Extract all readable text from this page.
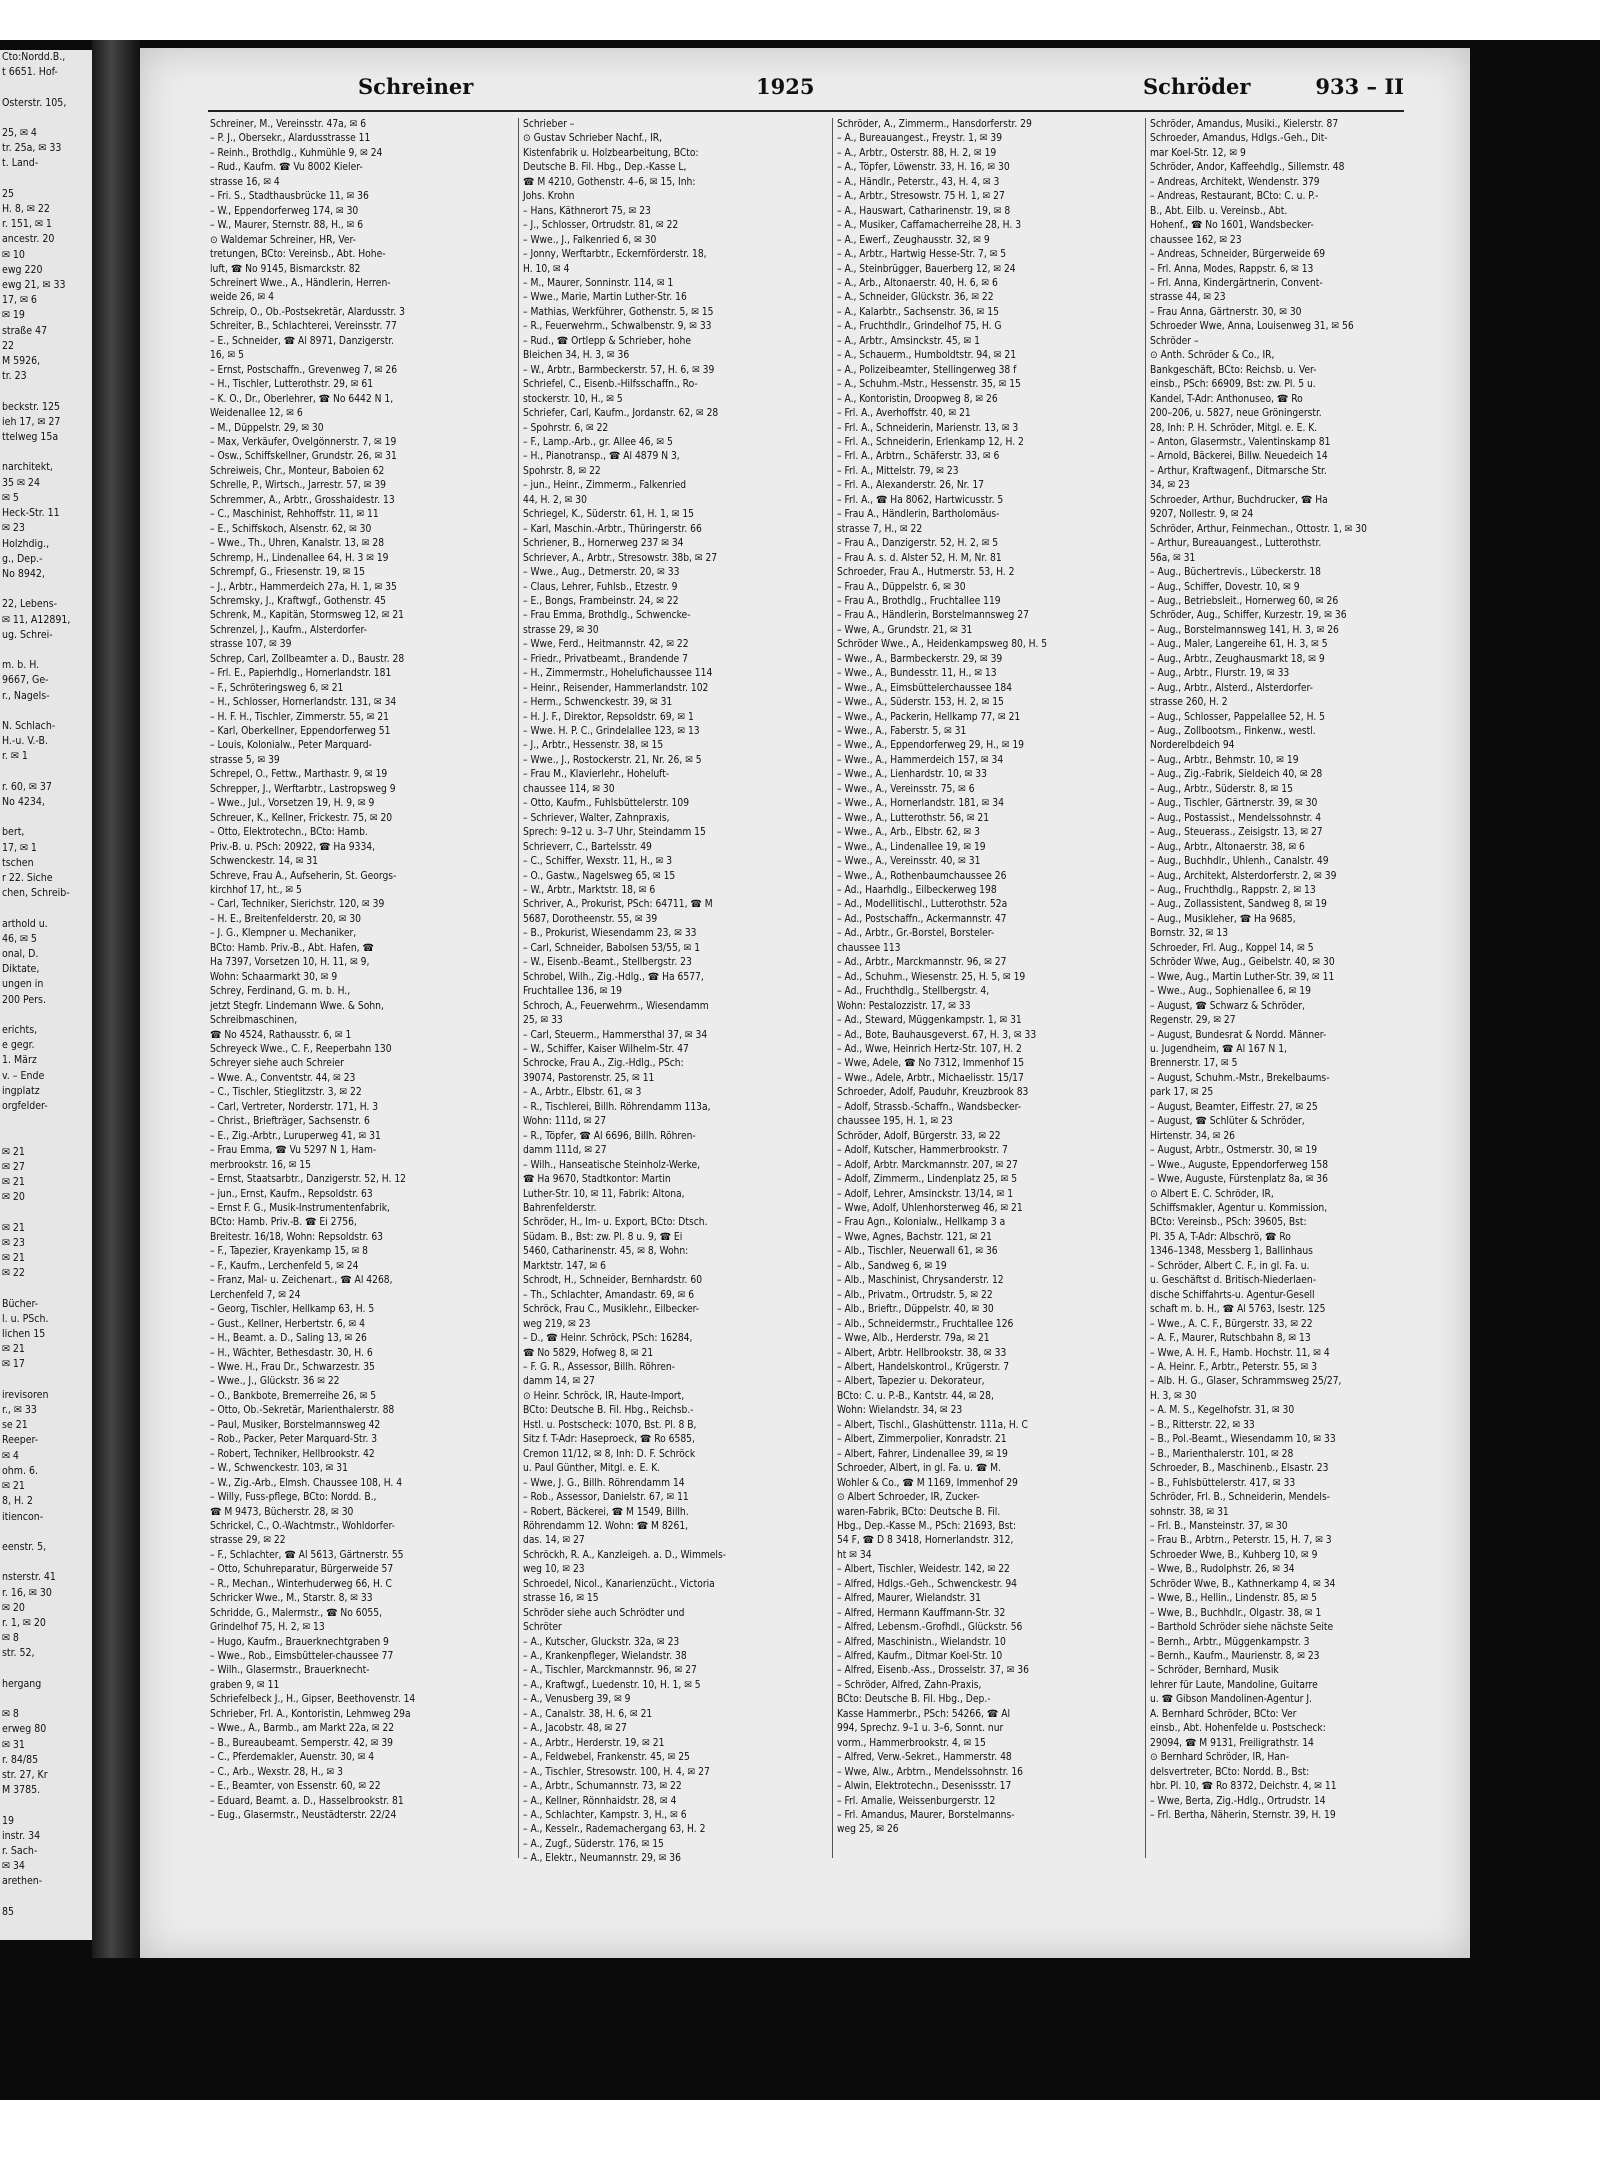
Cto:Nordd.B.,
t 6651. Hof-

Osterstr. 105,

25, ✉ 4
tr. 25a, ✉ 33
t. Land-

25
H. 8, ✉ 22
r. 151, ✉ 1
ancestr. 20
✉ 10
ewg 220
ewg 21, ✉ 33
17, ✉ 6
✉ 19
straße 47
22
M 5926,
tr. 23

beckstr. 125
ieh 17, ✉ 27
ttelweg 15a

narchitekt,
35 ✉ 24
✉ 5
Heck-Str. 11
✉ 23
Holzhdig.,
g., Dep.-
No 8942,

22, Lebens-
✉ 11, A12891,
ug. Schrei-

m. b. H.
9667, Ge-
r., Nagels-

N. Schlach-
H.-u. V.-B.
r. ✉ 1

r. 60, ✉ 37
No 4234,

bert,
17, ✉ 1
tschen
r 22. Siche
chen, Schreib-

arthold u.
46, ✉ 5
onal, D.
Diktate,
ungen in
200 Pers.

erichts,
e gegr.
1. März
v. – Ende
ingplatz
orgfelder-

✉ 21
✉ 27
✉ 21
✉ 20

✉ 21
✉ 23
✉ 21
✉ 22

Bücher-
l. u. PSch.
lichen 15
✉ 21
✉ 17

irevisoren
r., ✉ 33
se 21
Reeper-
✉ 4
ohm. 6.
✉ 21
8, H. 2
itiencon-

eenstr. 5,

nsterstr. 41
r. 16, ✉ 30
✉ 20
r. 1, ✉ 20
✉ 8
str. 52,

hergang

✉ 8
erweg 80
✉ 31
r. 84/85
str. 27, Kr
M 3785.

19
instr. 34
r. Sach-
✉ 34
arethen-

85
Schreiner	1925	Schröder	933 – II
Schreiner, M., Vereinsstr. 47a, ✉ 6
– P. J., Obersekr., Alardusstrasse 11
– Reinh., Brothdlg., Kuhmühle 9, ✉ 24
– Rud., Kaufm. ☎ Vu 8002 Kieler-
strasse 16, ✉ 4
– Fri. S., Stadthausbrücke 11, ✉ 36
– W., Eppendorferweg 174, ✉ 30
– W., Maurer, Sternstr. 88, H., ✉ 6
⊙ Waldemar Schreiner, HR, Ver-
tretungen, BCto: Vereinsb., Abt. Hohe-
luft, ☎ No 9145, Bismarckstr. 82
Schreinert Wwe., A., Händlerin, Herren-
weide 26, ✉ 4
Schreip, O., Ob.-Postsekretär, Alardusstr. 3
Schreiter, B., Schlachterei, Vereinsstr. 77
– E., Schneider, ☎ Al 8971, Danzigerstr.
16, ✉ 5
– Ernst, Postschaffn., Grevenweg 7, ✉ 26
– H., Tischler, Lutterothstr. 29, ✉ 61
– K. O., Dr., Oberlehrer, ☎ No 6442 N 1,
Weidenallee 12, ✉ 6
– M., Düppelstr. 29, ✉ 30
– Max, Verkäufer, Ovelgönnerstr. 7, ✉ 19
– Osw., Schiffskellner, Grundstr. 26, ✉ 31
Schreiweis, Chr., Monteur, Baboien 62
Schrelle, P., Wirtsch., Jarrestr. 57, ✉ 39
Schremmer, A., Arbtr., Grosshaidestr. 13
– C., Maschinist, Rehhoffstr. 11, ✉ 11
– E., Schiffskoch, Alsenstr. 62, ✉ 30
– Wwe., Th., Uhren, Kanalstr. 13, ✉ 28
Schremp, H., Lindenallee 64, H. 3 ✉ 19
Schrempf, G., Friesenstr. 19, ✉ 15
– J., Arbtr., Hammerdeich 27a, H. 1, ✉ 35
Schremsky, J., Kraftwgf., Gothenstr. 45
Schrenk, M., Kapitän, Stormsweg 12, ✉ 21
Schrenzel, J., Kaufm., Alsterdorfer-
strasse 107, ✉ 39
Schrep, Carl, Zollbeamter a. D., Baustr. 28
– Frl. E., Papierhdlg., Hornerlandstr. 181
– F., Schröteringsweg 6, ✉ 21
– H., Schlosser, Hornerlandstr. 131, ✉ 34
– H. F. H., Tischler, Zimmerstr. 55, ✉ 21
– Karl, Oberkellner, Eppendorferweg 51
– Louis, Kolonialw., Peter Marquard-
strasse 5, ✉ 39
Schrepel, O., Fettw., Marthastr. 9, ✉ 19
Schrepper, J., Werftarbtr., Lastropsweg 9
– Wwe., Jul., Vorsetzen 19, H. 9, ✉ 9
Schreuer, K., Kellner, Frickestr. 75, ✉ 20
– Otto, Elektrotechn., BCto: Hamb.
Priv.-B. u. PSch: 20922, ☎ Ha 9334,
Schwenckestr. 14, ✉ 31
Schreve, Frau A., Aufseherin, St. Georgs-
kirchhof 17, ht., ✉ 5
– Carl, Techniker, Sierichstr. 120, ✉ 39
– H. E., Breitenfelderstr. 20, ✉ 30
– J. G., Klempner u. Mechaniker,
BCto: Hamb. Priv.-B., Abt. Hafen, ☎
Ha 7397, Vorsetzen 10, H. 11, ✉ 9,
Wohn: Schaarmarkt 30, ✉ 9
Schrey, Ferdinand, G. m. b. H.,
jetzt Stegfr. Lindemann Wwe. & Sohn,
Schreibmaschinen,
☎ No 4524, Rathausstr. 6, ✉ 1
Schreyeck Wwe., C. F., Reeperbahn 130
Schreyer siehe auch Schreier
– Wwe. A., Conventstr. 44, ✉ 23
– C., Tischler, Stieglitzstr. 3, ✉ 22
– Carl, Vertreter, Norderstr. 171, H. 3
– Christ., Briefträger, Sachsenstr. 6
– E., Zig.-Arbtr., Luruperweg 41, ✉ 31
– Frau Emma, ☎ Vu 5297 N 1, Ham-
merbrookstr. 16, ✉ 15
– Ernst, Staatsarbtr., Danzigerstr. 52, H. 12
– jun., Ernst, Kaufm., Repsoldstr. 63
– Ernst F. G., Musik-Instrumentenfabrik,
BCto: Hamb. Priv.-B. ☎ Ei 2756,
Breitestr. 16/18, Wohn: Repsoldstr. 63
– F., Tapezier, Krayenkamp 15, ✉ 8
– F., Kaufm., Lerchenfeld 5, ✉ 24
– Franz, Mal- u. Zeichenart., ☎ Al 4268,
Lerchenfeld 7, ✉ 24
– Georg, Tischler, Hellkamp 63, H. 5
– Gust., Kellner, Herbertstr. 6, ✉ 4
– H., Beamt. a. D., Saling 13, ✉ 26
– H., Wächter, Bethesdastr. 30, H. 6
– Wwe. H., Frau Dr., Schwarzestr. 35
– Wwe., J., Glückstr. 36 ✉ 22
– O., Bankbote, Bremerreihe 26, ✉ 5
– Otto, Ob.-Sekretär, Marienthalerstr. 88
– Paul, Musiker, Borstelmannsweg 42
– Rob., Packer, Peter Marquard-Str. 3
– Robert, Techniker, Hellbrookstr. 42
– W., Schwenckestr. 103, ✉ 31
– W., Zig.-Arb., Elmsh. Chaussee 108, H. 4
– Willy, Fuss-pflege, BCto: Nordd. B.,
☎ M 9473, Bücherstr. 28, ✉ 30
Schrickel, C., O.-Wachtmstr., Wohldorfer-
strasse 29, ✉ 22
– F., Schlachter, ☎ Al 5613, Gärtnerstr. 55
– Otto, Schuhreparatur, Bürgerweide 57
– R., Mechan., Winterhuderweg 66, H. C
Schricker Wwe., M., Starstr. 8, ✉ 33
Schridde, G., Malermstr., ☎ No 6055,
Grindelhof 75, H. 2, ✉ 13
– Hugo, Kaufm., Brauerknechtgraben 9
– Wwe., Rob., Eimsbütteler-chaussee 77
– Wilh., Glasermstr., Brauerknecht-
graben 9, ✉ 11
Schriefelbeck J., H., Gipser, Beethovenstr. 14
Schrieber, Frl. A., Kontoristin, Lehmweg 29a
– Wwe., A., Barmb., am Markt 22a, ✉ 22
– B., Bureaubeamt. Semperstr. 42, ✉ 39
– C., Pferdemakler, Auenstr. 30, ✉ 4
– C., Arb., Wexstr. 28, H., ✉ 3
– E., Beamter, von Essenstr. 60, ✉ 22
– Eduard, Beamt. a. D., Hasselbrookstr. 81
– Eug., Glasermstr., Neustädterstr. 22/24
Schrieber –
⊙ Gustav Schrieber Nachf., IR,
Kistenfabrik u. Holzbearbeitung, BCto:
Deutsche B. Fil. Hbg., Dep.-Kasse L,
☎ M 4210, Gothenstr. 4–6, ✉ 15, Inh:
Johs. Krohn
– Hans, Käthnerort 75, ✉ 23
– J., Schlosser, Ortrudstr. 81, ✉ 22
– Wwe., J., Falkenried 6, ✉ 30
– Jonny, Werftarbtr., Eckernförderstr. 18,
H. 10, ✉ 4
– M., Maurer, Sonninstr. 114, ✉ 1
– Wwe., Marie, Martin Luther-Str. 16
– Mathias, Werkführer, Gothenstr. 5, ✉ 15
– R., Feuerwehrm., Schwalbenstr. 9, ✉ 33
– Rud., ☎ Ortlepp & Schrieber, hohe
Bleichen 34, H. 3, ✉ 36
– W., Arbtr., Barmbeckerstr. 57, H. 6, ✉ 39
Schriefel, C., Eisenb.-Hilfsschaffn., Ro-
stockerstr. 10, H., ✉ 5
Schriefer, Carl, Kaufm., Jordanstr. 62, ✉ 28
– Spohrstr. 6, ✉ 22
– F., Lamp.-Arb., gr. Allee 46, ✉ 5
– H., Pianotransp., ☎ Al 4879 N 3,
Spohrstr. 8, ✉ 22
– jun., Heinr., Zimmerm., Falkenried
44, H. 2, ✉ 30
Schriegel, K., Süderstr. 61, H. 1, ✉ 15
– Karl, Maschin.-Arbtr., Thüringerstr. 66
Schriener, B., Hornerweg 237 ✉ 34
Schriever, A., Arbtr., Stresowstr. 38b, ✉ 27
– Wwe., Aug., Detmerstr. 20, ✉ 33
– Claus, Lehrer, Fuhlsb., Etzestr. 9
– E., Bongs, Frambeinstr. 24, ✉ 22
– Frau Emma, Brothdlg., Schwencke-
strasse 29, ✉ 30
– Wwe, Ferd., Heitmannstr. 42, ✉ 22
– Friedr., Privatbeamt., Brandende 7
– H., Zimmermstr., Hohelufichaussee 114
– Heinr., Reisender, Hammerlandstr. 102
– Herm., Schwenckestr. 39, ✉ 31
– H. J. F., Direktor, Repsoldstr. 69, ✉ 1
– Wwe. H. P. C., Grindelallee 123, ✉ 13
– J., Arbtr., Hessenstr. 38, ✉ 15
– Wwe., J., Rostockerstr. 21, Nr. 26, ✉ 5
– Frau M., Klavierlehr., Hoheluft-
chaussee 114, ✉ 30
– Otto, Kaufm., Fuhlsbüttelerstr. 109
– Schriever, Walter, Zahnpraxis,
Sprech: 9–12 u. 3–7 Uhr, Steindamm 15
Schrieverr, C., Bartelsstr. 49
– C., Schiffer, Wexstr. 11, H., ✉ 3
– O., Gastw., Nagelsweg 65, ✉ 15
– W., Arbtr., Marktstr. 18, ✉ 6
Schriver, A., Prokurist, PSch: 64711, ☎ M
5687, Dorotheenstr. 55, ✉ 39
– B., Prokurist, Wiesendamm 23, ✉ 33
– Carl, Schneider, Babolsen 53/55, ✉ 1
– W., Eisenb.-Beamt., Stellbergstr. 23
Schrobel, Wilh., Zig.-Hdlg., ☎ Ha 6577,
Fruchtallee 136, ✉ 19
Schroch, A., Feuerwehrm., Wiesendamm
25, ✉ 33
– Carl, Steuerm., Hammersthal 37, ✉ 34
– W., Schiffer, Kaiser Wilhelm-Str. 47
Schrocke, Frau A., Zig.-Hdlg., PSch:
39074, Pastorenstr. 25, ✉ 11
– A., Arbtr., Elbstr. 61, ✉ 3
– R., Tischlerei, Billh. Röhrendamm 113a,
Wohn: 111d, ✉ 27
– R., Töpfer, ☎ Al 6696, Billh. Röhren-
damm 111d, ✉ 27
– Wilh., Hanseatische Steinholz-Werke,
☎ Ha 9670, Stadtkontor: Martin
Luther-Str. 10, ✉ 11, Fabrik: Altona,
Bahrenfelderstr.
Schröder, H., Im- u. Export, BCto: Dtsch.
Südam. B., Bst: zw. Pl. 8 u. 9, ☎ Ei
5460, Catharinenstr. 45, ✉ 8, Wohn:
Marktstr. 147, ✉ 6
Schrodt, H., Schneider, Bernhardstr. 60
– Th., Schlachter, Amandastr. 69, ✉ 6
Schröck, Frau C., Musiklehr., Eilbecker-
weg 219, ✉ 23
– D., ☎ Heinr. Schröck, PSch: 16284,
☎ No 5829, Hofweg 8, ✉ 21
– F. G. R., Assessor, Billh. Röhren-
damm 14, ✉ 27
⊙ Heinr. Schröck, IR, Haute-Import,
BCto: Deutsche B. Fil. Hbg., Reichsb.-
Hstl. u. Postscheck: 1070, Bst. Pl. 8 B,
Sitz f. T-Adr: Haseproeck, ☎ Ro 6585,
Cremon 11/12, ✉ 8, Inh: D. F. Schröck
u. Paul Günther, Mitgl. e. E. K.
– Wwe, J. G., Billh. Röhrendamm 14
– Rob., Assessor, Danielstr. 67, ✉ 11
– Robert, Bäckerei, ☎ M 1549, Billh.
Röhrendamm 12. Wohn: ☎ M 8261,
das. 14, ✉ 27
Schröckh, R. A., Kanzleigeh. a. D., Wimmels-
weg 10, ✉ 23
Schroedel, Nicol., Kanarienzücht., Victoria
strasse 16, ✉ 15
Schröder siehe auch Schrödter und
Schröter
– A., Kutscher, Gluckstr. 32a, ✉ 23
– A., Krankenpfleger, Wielandstr. 38
– A., Tischler, Marckmannstr. 96, ✉ 27
– A., Kraftwgf., Luedenstr. 10, H. 1, ✉ 5
– A., Venusberg 39, ✉ 9
– A., Canalstr. 38, H. 6, ✉ 21
– A., Jacobstr. 48, ✉ 27
– A., Arbtr., Herderstr. 19, ✉ 21
– A., Feldwebel, Frankenstr. 45, ✉ 25
– A., Tischler, Stresowstr. 100, H. 4, ✉ 27
– A., Arbtr., Schumannstr. 73, ✉ 22
– A., Kellner, Rönnhaidstr. 28, ✉ 4
– A., Schlachter, Kampstr. 3, H., ✉ 6
– A., Kesselr., Rademachergang 63, H. 2
– A., Zugf., Süderstr. 176, ✉ 15
– A., Elektr., Neumannstr. 29, ✉ 36
Schröder, A., Zimmerm., Hansdorferstr. 29
– A., Bureauangest., Freystr. 1, ✉ 39
– A., Arbtr., Osterstr. 88, H. 2, ✉ 19
– A., Töpfer, Löwenstr. 33, H. 16, ✉ 30
– A., Händlr., Peterstr., 43, H. 4, ✉ 3
– A., Arbtr., Stresowstr. 75 H. 1, ✉ 27
– A., Hauswart, Catharinenstr. 19, ✉ 8
– A., Musiker, Caffamacherreihe 28, H. 3
– A., Ewerf., Zeughausstr. 32, ✉ 9
– A., Arbtr., Hartwig Hesse-Str. 7, ✉ 5
– A., Steinbrügger, Bauerberg 12, ✉ 24
– A., Arb., Altonaerstr. 40, H. 6, ✉ 6
– A., Schneider, Glückstr. 36, ✉ 22
– A., Kalarbtr., Sachsenstr. 36, ✉ 15
– A., Fruchthdlr., Grindelhof 75, H. G
– A., Arbtr., Amsinckstr. 45, ✉ 1
– A., Schauerm., Humboldtstr. 94, ✉ 21
– A., Polizeibeamter, Stellingerweg 38 f
– A., Schuhm.-Mstr., Hessenstr. 35, ✉ 15
– A., Kontoristin, Droopweg 8, ✉ 26
– Frl. A., Averhoffstr. 40, ✉ 21
– Frl. A., Schneiderin, Marienstr. 13, ✉ 3
– Frl. A., Schneiderin, Erlenkamp 12, H. 2
– Frl. A., Arbtrn., Schäferstr. 33, ✉ 6
– Frl. A., Mittelstr. 79, ✉ 23
– Frl. A., Alexanderstr. 26, Nr. 17
– Frl. A., ☎ Ha 8062, Hartwicusstr. 5
– Frau A., Händlerin, Bartholomäus-
strasse 7, H., ✉ 22
– Frau A., Danzigerstr. 52, H. 2, ✉ 5
– Frau A. s. d. Alster 52, H. M, Nr. 81
Schroeder, Frau A., Hutmerstr. 53, H. 2
– Frau A., Düppelstr. 6, ✉ 30
– Frau A., Brothdlg., Fruchtallee 119
– Frau A., Händlerin, Borstelmannsweg 27
– Wwe, A., Grundstr. 21, ✉ 31
Schröder Wwe., A., Heidenkampsweg 80, H. 5
– Wwe., A., Barmbeckerstr. 29, ✉ 39
– Wwe., A., Bundesstr. 11, H., ✉ 13
– Wwe., A., Eimsbüttelerchaussee 184
– Wwe., A., Süderstr. 153, H. 2, ✉ 15
– Wwe., A., Packerin, Hellkamp 77, ✉ 21
– Wwe., A., Faberstr. 5, ✉ 31
– Wwe., A., Eppendorferweg 29, H., ✉ 19
– Wwe., A., Hammerdeich 157, ✉ 34
– Wwe., A., Lienhardstr. 10, ✉ 33
– Wwe., A., Vereinsstr. 75, ✉ 6
– Wwe., A., Hornerlandstr. 181, ✉ 34
– Wwe., A., Lutterothstr. 56, ✉ 21
– Wwe., A., Arb., Elbstr. 62, ✉ 3
– Wwe., A., Lindenallee 19, ✉ 19
– Wwe., A., Vereinsstr. 40, ✉ 31
– Wwe., A., Rothenbaumchaussee 26
– Ad., Haarhdlg., Eilbeckerweg 198
– Ad., Modellitischl., Lutterothstr. 52a
– Ad., Postschaffn., Ackermannstr. 47
– Ad., Arbtr., Gr.-Borstel, Borsteler-
chaussee 113
– Ad., Arbtr., Marckmannstr. 96, ✉ 27
– Ad., Schuhm., Wiesenstr. 25, H. 5, ✉ 19
– Ad., Fruchthdlg., Stellbergstr. 4,
Wohn: Pestalozzistr. 17, ✉ 33
– Ad., Steward, Müggenkampstr. 1, ✉ 31
– Ad., Bote, Bauhausgeverst. 67, H. 3, ✉ 33
– Ad., Wwe, Heinrich Hertz-Str. 107, H. 2
– Wwe, Adele, ☎ No 7312, Immenhof 15
– Wwe., Adele, Arbtr., Michaelisstr. 15/17
Schroeder, Adolf, Pauduhr, Kreuzbrook 83
– Adolf, Strassb.-Schaffn., Wandsbecker-
chaussee 195, H. 1, ✉ 23
Schröder, Adolf, Bürgerstr. 33, ✉ 22
– Adolf, Kutscher, Hammerbrookstr. 7
– Adolf, Arbtr. Marckmannstr. 207, ✉ 27
– Adolf, Zimmerm., Lindenplatz 25, ✉ 5
– Adolf, Lehrer, Amsinckstr. 13/14, ✉ 1
– Wwe, Adolf, Uhlenhorsterweg 46, ✉ 21
– Frau Agn., Kolonialw., Hellkamp 3 a
– Wwe, Agnes, Bachstr. 121, ✉ 21
– Alb., Tischler, Neuerwall 61, ✉ 36
– Alb., Sandweg 6, ✉ 19
– Alb., Maschinist, Chrysanderstr. 12
– Alb., Privatm., Ortrudstr. 5, ✉ 22
– Alb., Brieftr., Düppelstr. 40, ✉ 30
– Alb., Schneidermstr., Fruchtallee 126
– Wwe, Alb., Herderstr. 79a, ✉ 21
– Albert, Arbtr. Hellbrookstr. 38, ✉ 33
– Albert, Handelskontrol., Krügerstr. 7
– Albert, Tapezier u. Dekorateur,
BCto: C. u. P.-B., Kantstr. 44, ✉ 28,
Wohn: Wielandstr. 34, ✉ 23
– Albert, Tischl., Glashüttenstr. 111a, H. C
– Albert, Zimmerpolier, Konradstr. 21
– Albert, Fahrer, Lindenallee 39, ✉ 19
Schroeder, Albert, in gl. Fa. u. ☎ M.
Wohler & Co., ☎ M 1169, Immenhof 29
⊙ Albert Schroeder, IR, Zucker-
waren-Fabrik, BCto: Deutsche B. Fil.
Hbg., Dep.-Kasse M., PSch: 21693, Bst:
54 F, ☎ D 8 3418, Hornerlandstr. 312,
ht ✉ 34
– Albert, Tischler, Weidestr. 142, ✉ 22
– Alfred, Hdlgs.-Geh., Schwenckestr. 94
– Alfred, Maurer, Wielandstr. 31
– Alfred, Hermann Kauffmann-Str. 32
– Alfred, Lebensm.-Grofhdl., Glückstr. 56
– Alfred, Maschinistn., Wielandstr. 10
– Alfred, Kaufm., Ditmar Koel-Str. 10
– Alfred, Eisenb.-Ass., Drosselstr. 37, ✉ 36
– Schröder, Alfred, Zahn-Praxis,
BCto: Deutsche B. Fil. Hbg., Dep.-
Kasse Hammerbr., PSch: 54266, ☎ Al
994, Sprechz. 9–1 u. 3–6, Sonnt. nur
vorm., Hammerbrookstr. 4, ✉ 15
– Alfred, Verw.-Sekret., Hammerstr. 48
– Wwe, Alw., Arbtrn., Mendelssohnstr. 16
– Alwin, Elektrotechn., Desenissstr. 17
– Frl. Amalie, Weissenburgerstr. 12
– Frl. Amandus, Maurer, Borstelmanns-
weg 25, ✉ 26
Schröder, Amandus, Musiki., Kielerstr. 87
Schroeder, Amandus, Hdlgs.-Geh., Dit-
mar Koel-Str. 12, ✉ 9
Schröder, Andor, Kaffeehdlg., Sillemstr. 48
– Andreas, Architekt, Wendenstr. 379
– Andreas, Restaurant, BCto: C. u. P.-
B., Abt. Eilb. u. Vereinsb., Abt.
Hohenf., ☎ No 1601, Wandsbecker-
chaussee 162, ✉ 23
– Andreas, Schneider, Bürgerweide 69
– Frl. Anna, Modes, Rappstr. 6, ✉ 13
– Frl. Anna, Kindergärtnerin, Convent-
strasse 44, ✉ 23
– Frau Anna, Gärtnerstr. 30, ✉ 30
Schroeder Wwe, Anna, Louisenweg 31, ✉ 56
Schröder –
⊙ Anth. Schröder & Co., IR,
Bankgeschäft, BCto: Reichsb. u. Ver-
einsb., PSch: 66909, Bst: zw. Pl. 5 u.
Kandel, T-Adr: Anthonuseo, ☎ Ro
200–206, u. 5827, neue Gröningerstr.
28, Inh: P. H. Schröder, Mitgl. e. E. K.
– Anton, Glasermstr., Valentinskamp 81
– Arnold, Bäckerei, Billw. Neuedeich 14
– Arthur, Kraftwagenf., Ditmarsche Str.
34, ✉ 23
Schroeder, Arthur, Buchdrucker, ☎ Ha
9207, Nollestr. 9, ✉ 24
Schröder, Arthur, Feinmechan., Ottostr. 1, ✉ 30
– Arthur, Bureauangest., Lutterothstr.
56a, ✉ 31
– Aug., Büchertrevis., Lübeckerstr. 18
– Aug., Schiffer, Dovestr. 10, ✉ 9
– Aug., Betriebsleit., Hornerweg 60, ✉ 26
Schröder, Aug., Schiffer, Kurzestr. 19, ✉ 36
– Aug., Borstelmannsweg 141, H. 3, ✉ 26
– Aug., Maler, Langereihe 61, H. 3, ✉ 5
– Aug., Arbtr., Zeughausmarkt 18, ✉ 9
– Aug., Arbtr., Flurstr. 19, ✉ 33
– Aug., Arbtr., Alsterd., Alsterdorfer-
strasse 260, H. 2
– Aug., Schlosser, Pappelallee 52, H. 5
– Aug., Zollbootsm., Finkenw., westl.
Norderelbdeich 94
– Aug., Arbtr., Behmstr. 10, ✉ 19
– Aug., Zig.-Fabrik, Sieldeich 40, ✉ 28
– Aug., Arbtr., Süderstr. 8, ✉ 15
– Aug., Tischler, Gärtnerstr. 39, ✉ 30
– Aug., Postassist., Mendelssohnstr. 4
– Aug., Steuerass., Zeisigstr. 13, ✉ 27
– Aug., Arbtr., Altonaerstr. 38, ✉ 6
– Aug., Buchhdlr., Uhlenh., Canalstr. 49
– Aug., Architekt, Alsterdorferstr. 2, ✉ 39
– Aug., Fruchthdlg., Rappstr. 2, ✉ 13
– Aug., Zollassistent, Sandweg 8, ✉ 19
– Aug., Musikleher, ☎ Ha 9685,
Bornstr. 32, ✉ 13
Schroeder, Frl. Aug., Koppel 14, ✉ 5
Schröder Wwe, Aug., Geibelstr. 40, ✉ 30
– Wwe, Aug., Martin Luther-Str. 39, ✉ 11
– Wwe., Aug., Sophienallee 6, ✉ 19
– August, ☎ Schwarz & Schröder,
Regenstr. 29, ✉ 27
– August, Bundesrat & Nordd. Männer-
u. Jugendheim, ☎ Al 167 N 1,
Brennerstr. 17, ✉ 5
– August, Schuhm.-Mstr., Brekelbaums-
park 17, ✉ 25
– August, Beamter, Eiffestr. 27, ✉ 25
– August, ☎ Schlüter & Schröder,
Hirtenstr. 34, ✉ 26
– August, Arbtr., Ostmerstr. 30, ✉ 19
– Wwe., Auguste, Eppendorferweg 158
– Wwe, Auguste, Fürstenplatz 8a, ✉ 36
⊙ Albert E. C. Schröder, IR,
Schiffsmakler, Agentur u. Kommission,
BCto: Vereinsb., PSch: 39605, Bst:
Pl. 35 A, T-Adr: Albschrö, ☎ Ro
1346–1348, Messberg 1, Ballinhaus
– Schröder, Albert C. F., in gl. Fa. u.
u. Geschäftst d. Britisch-Niederlaen-
dische Schiffahrts-u. Agentur-Gesell
schaft m. b. H., ☎ Al 5763, Isestr. 125
– Wwe., A. C. F., Bürgerstr. 33, ✉ 22
– A. F., Maurer, Rutschbahn 8, ✉ 13
– Wwe, A. H. F., Hamb. Hochstr. 11, ✉ 4
– A. Heinr. F., Arbtr., Peterstr. 55, ✉ 3
– Alb. H. G., Glaser, Schrammsweg 25/27,
H. 3, ✉ 30
– A. M. S., Kegelhofstr. 31, ✉ 30
– B., Ritterstr. 22, ✉ 33
– B., Pol.-Beamt., Wiesendamm 10, ✉ 33
– B., Marienthalerstr. 101, ✉ 28
Schroeder, B., Maschinenb., Elsastr. 23
– B., Fuhlsbüttelerstr. 417, ✉ 33
Schröder, Frl. B., Schneiderin, Mendels-
sohnstr. 38, ✉ 31
– Frl. B., Mansteinstr. 37, ✉ 30
– Frau B., Arbtrn., Peterstr. 15, H. 7, ✉ 3
Schroeder Wwe, B., Kuhberg 10, ✉ 9
– Wwe, B., Rudolphstr. 26, ✉ 34
Schröder Wwe, B., Kathnerkamp 4, ✉ 34
– Wwe, B., Hellin., Lindenstr. 85, ✉ 5
– Wwe, B., Buchhdlr., Olgastr. 38, ✉ 1
– Barthold Schröder siehe nächste Seite
– Bernh., Arbtr., Müggenkampstr. 3
– Bernh., Kaufm., Maurienstr. 8, ✉ 23
– Schröder, Bernhard, Musik
lehrer für Laute, Mandoline, Guitarre
u. ☎ Gibson Mandolinen-Agentur J.
A. Bernhard Schröder, BCto: Ver
einsb., Abt. Hohenfelde u. Postscheck:
29094, ☎ M 9131, Freiligrathstr. 14
⊙ Bernhard Schröder, IR, Han-
delsvertreter, BCto: Nordd. B., Bst:
hbr. Pl. 10, ☎ Ro 8372, Deichstr. 4, ✉ 11
– Wwe, Berta, Zig.-Hdlg., Ortrudstr. 14
– Frl. Bertha, Näherin, Sternstr. 39, H. 19
